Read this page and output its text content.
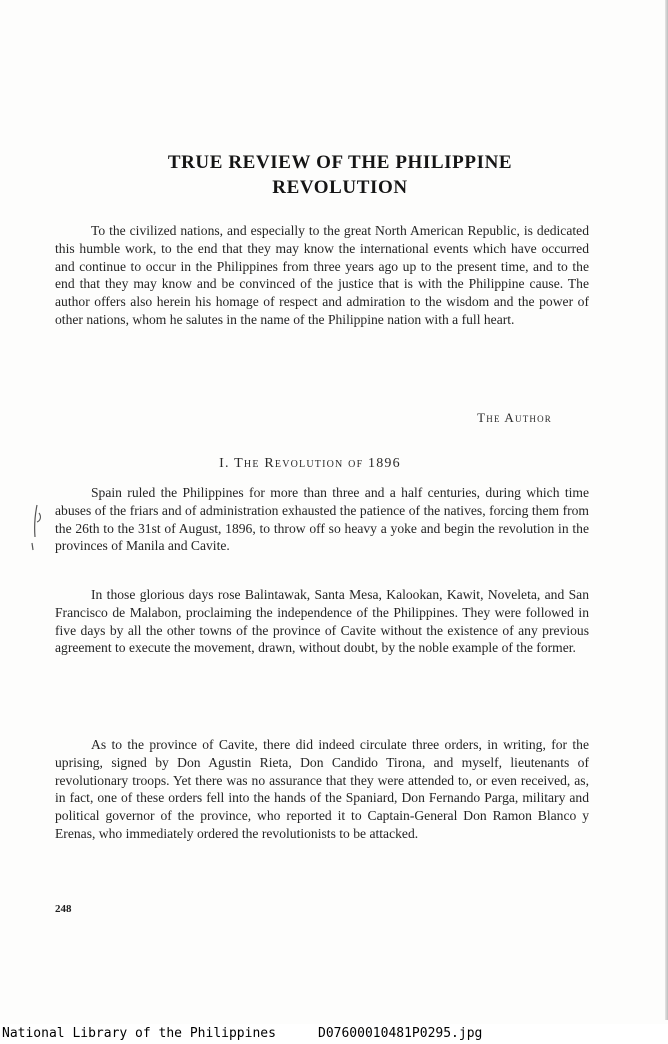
TRUE REVIEW OF THE PHILIPPINE
REVOLUTION

To the civilized nations, and especially to the great North American Republic, is dedicated this humble work, to the end that they may know the international events which have occurred and continue to occur in the Philippines from three years ago up to the present time, and to the end that they may know and be convinced of the justice that is with the Philippine cause. The author offers also herein his homage of respect and admiration to the wisdom and the power of other nations, whom he salutes in the name of the Philippine nation with a full heart.

The Author

I. The Revolution of 1896

Spain ruled the Philippines for more than three and a half centuries, during which time abuses of the friars and of administration exhausted the patience of the natives, forcing them from the 26th to the 31st of August, 1896, to throw off so heavy a yoke and begin the revolution in the provinces of Manila and Cavite.

In those glorious days rose Balintawak, Santa Mesa, Kalookan, Kawit, Noveleta, and San Francisco de Malabon, proclaiming the independence of the Philippines. They were followed in five days by all the other towns of the province of Cavite without the existence of any previous agreement to execute the movement, drawn, without doubt, by the noble example of the former.

As to the province of Cavite, there did indeed circulate three orders, in writing, for the uprising, signed by Don Agustin Rieta, Don Candido Tirona, and myself, lieutenants of revolutionary troops. Yet there was no assurance that they were attended to, or even received, as, in fact, one of these orders fell into the hands of the Spaniard, Don Fernando Parga, military and political governor of the province, who reported it to Captain-General Don Ramon Blanco y Erenas, who immediately ordered the revolutionists to be attacked.

248

National Library of the Philippines	D07600010481P0295.jpg
